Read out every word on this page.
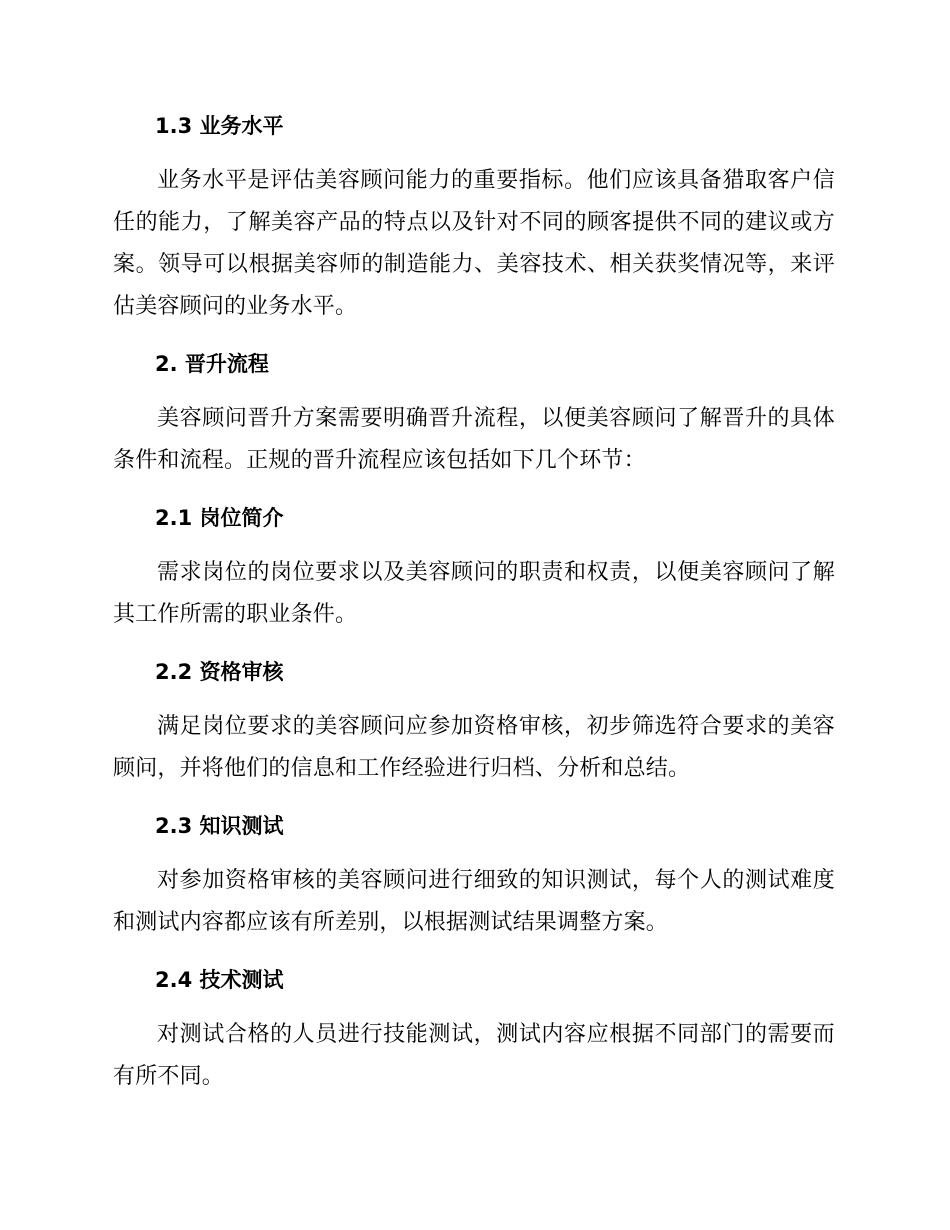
1.3 业务水平

业务水平是评估美容顾问能力的重要指标。他们应该具备猎取客户信任的能力，了解美容产品的特点以及针对不同的顾客提供不同的建议或方案。领导可以根据美容师的制造能力、美容技术、相关获奖情况等，来评估美容顾问的业务水平。

2. 晋升流程

美容顾问晋升方案需要明确晋升流程，以便美容顾问了解晋升的具体条件和流程。正规的晋升流程应该包括如下几个环节：

2.1 岗位简介

需求岗位的岗位要求以及美容顾问的职责和权责，以便美容顾问了解其工作所需的职业条件。

2.2 资格审核

满足岗位要求的美容顾问应参加资格审核，初步筛选符合要求的美容顾问，并将他们的信息和工作经验进行归档、分析和总结。

2.3 知识测试

对参加资格审核的美容顾问进行细致的知识测试，每个人的测试难度和测试内容都应该有所差别，以根据测试结果调整方案。

2.4 技术测试

对测试合格的人员进行技能测试，测试内容应根据不同部门的需要而有所不同。
